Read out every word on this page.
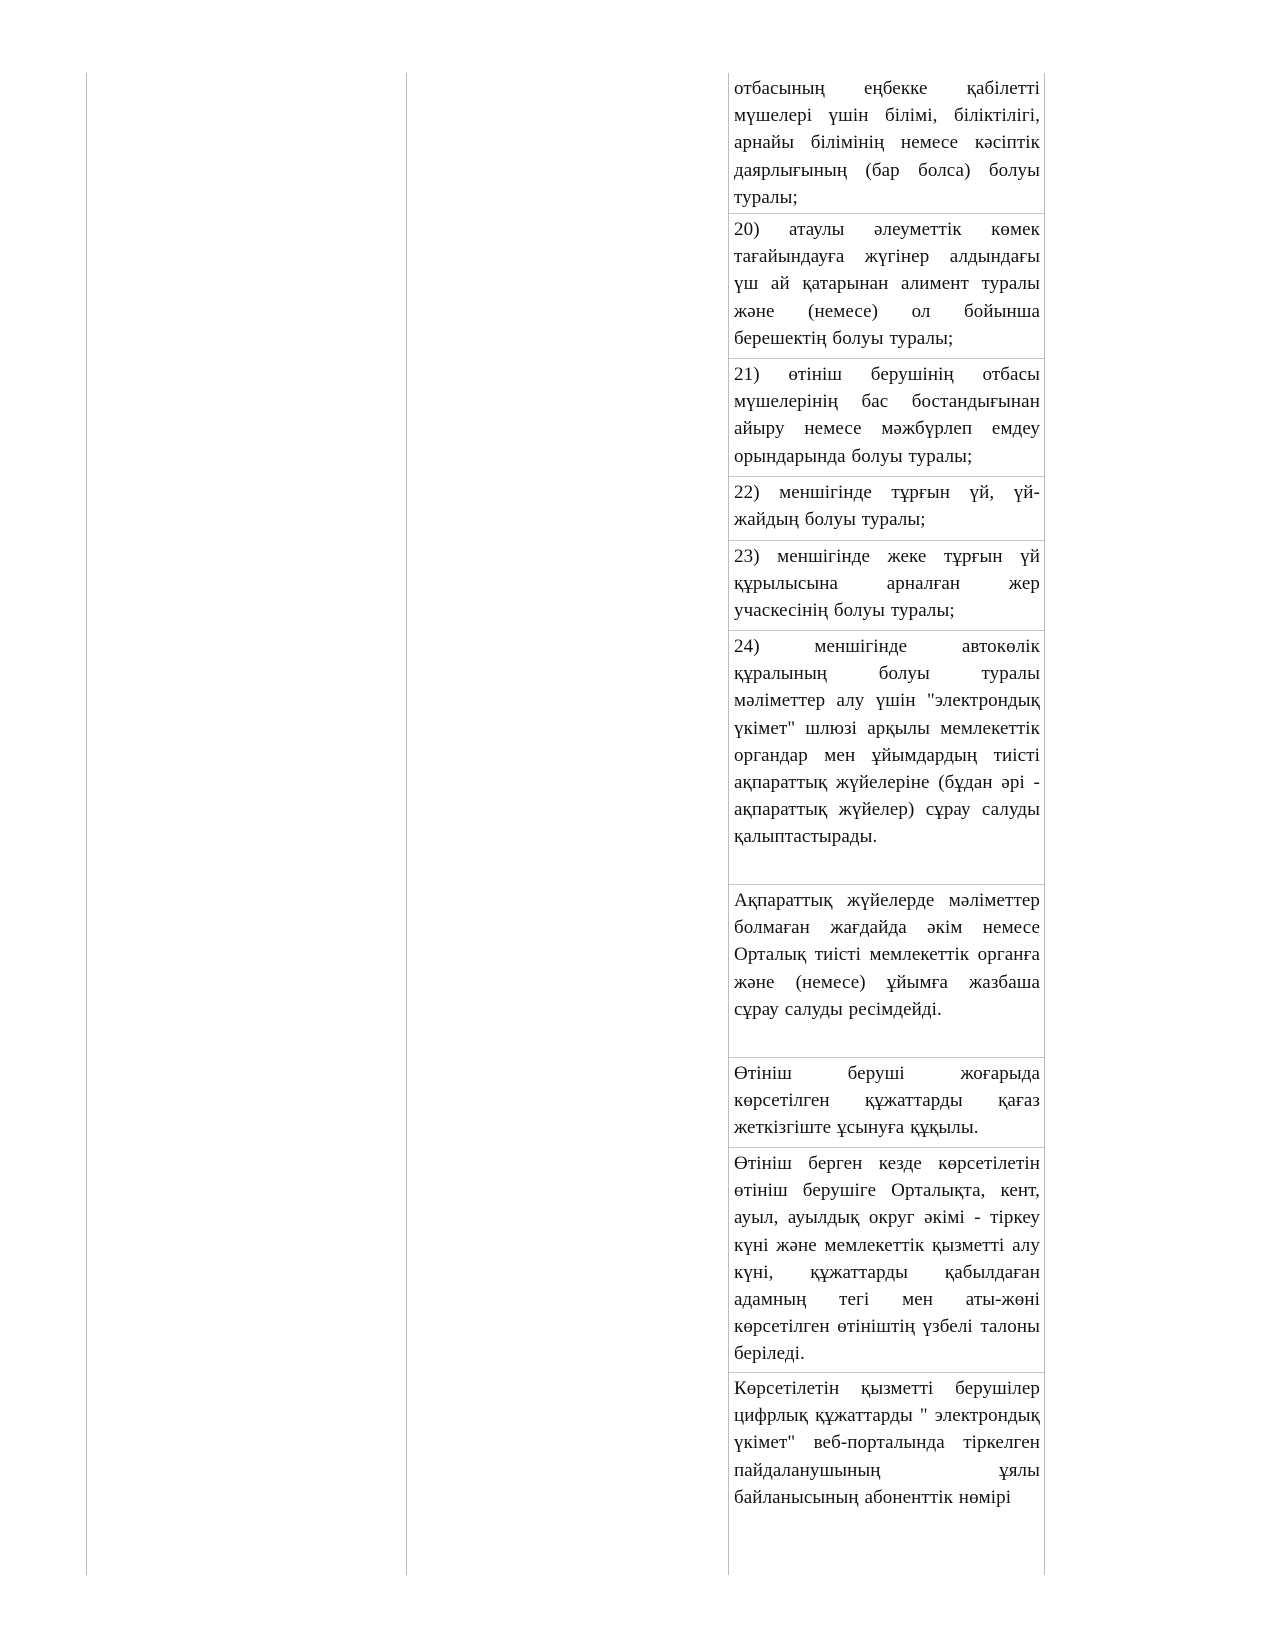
отбасының еңбекке қабілетті мүшелері үшін білімі, біліктілігі, арнайы білімінің немесе кәсіптік даярлығының (бар болса) болуы туралы;
20) атаулы әлеуметтік көмек тағайындауға жүгінер алдындағы үш ай қатарынан алимент туралы және (немесе) ол бойынша берешектің болуы туралы;
21) өтініш берушінің отбасы мүшелерінің бас бостандығынан айыру немесе мәжбүрлеп емдеу орындарында болуы туралы;
22) меншігінде тұрғын үй, үй-жайдың болуы туралы;
23) меншігінде жеке тұрғын үй құрылысына арналған жер учаскесінің болуы туралы;
24) меншігінде автокөлік құралының болуы туралы мәліметтер алу үшін "электрондық үкімет" шлюзі арқылы мемлекеттік органдар мен ұйымдардың тиісті ақпараттық жүйелеріне (бұдан әрі - ақпараттық жүйелер) сұрау салуды қалыптастырады.
Ақпараттық жүйелерде мәліметтер болмаған жағдайда әкім немесе Орталық тиісті мемлекеттік органға және (немесе) ұйымға жазбаша сұрау салуды ресімдейді.
Өтініш беруші жоғарыда көрсетілген құжаттарды қағаз жеткізгіште ұсынуға құқылы.
Өтініш берген кезде көрсетілетін өтініш берушіге Орталықта, кент, ауыл, ауылдық округ әкімі - тіркеу күні және мемлекеттік қызметті алу күні, құжаттарды қабылдаған адамның тегі мен аты-жөні көрсетілген өтініштің үзбелі талоны беріледі.
Көрсетілетін қызметті берушілер цифрлық құжаттарды " электрондық үкімет" веб-порталында тіркелген пайдаланушының ұялы байланысының абоненттік нөмірі
